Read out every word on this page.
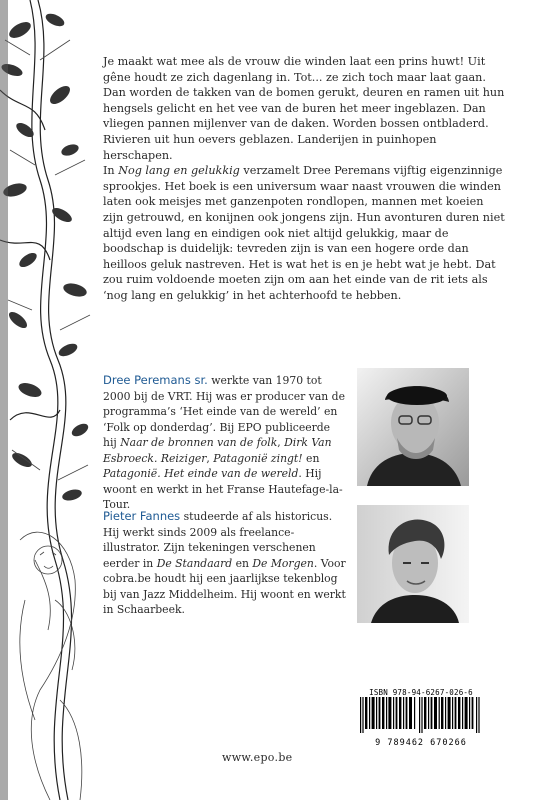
Je maakt wat mee als de vrouw die winden laat een prins huwt! Uit gêne houdt ze zich dagenlang in. Tot... ze zich toch maar laat gaan. Dan worden de takken van de bomen gerukt, deuren en ramen uit hun hengsels gelicht en het vee van de buren het meer ingeblazen. Dan vliegen pannen mijlenver van de daken. Worden bossen ontbladerd. Rivieren uit hun oevers geblazen. Landerijen in puinhopen herschapen.

In Nog lang en gelukkig verzamelt Dree Peremans vijftig eigenzinnige sprookjes. Het boek is een universum waar naast vrouwen die winden laten ook meisjes met ganzenpoten rondlopen, mannen met koeien zijn getrouwd, en konijnen ook jongens zijn. Hun avonturen duren niet altijd even lang en eindigen ook niet altijd gelukkig, maar de boodschap is duidelijk: tevreden zijn is van een hogere orde dan heilloos geluk nastreven. Het is wat het is en je hebt wat je hebt. Dat zou ruim voldoende moeten zijn om aan het einde van de rit iets als ‘nog lang en gelukkig’ in het achterhoofd te hebben.

Dree Peremans sr. werkte van 1970 tot 2000 bij de VRT. Hij was er producer van de programma’s ‘Het einde van de wereld’ en ‘Folk op donderdag’. Bij EPO publiceerde hij Naar de bronnen van de folk, Dirk Van Esbroeck. Reiziger, Patagonië zingt! en Patagonië. Het einde van de wereld. Hij woont en werkt in het Franse Hautefage-la-Tour.
Pieter Fannes studeerde af als historicus. Hij werkt sinds 2009 als freelance-illustrator. Zijn tekeningen verschenen eerder in De Standaard en De Morgen. Voor cobra.be houdt hij een jaarlijkse tekenblog bij van Jazz Middelheim. Hij woont en werkt in Schaarbeek.
ISBN 978-94-6267-026-6
9 789462 670266
www.epo.be
